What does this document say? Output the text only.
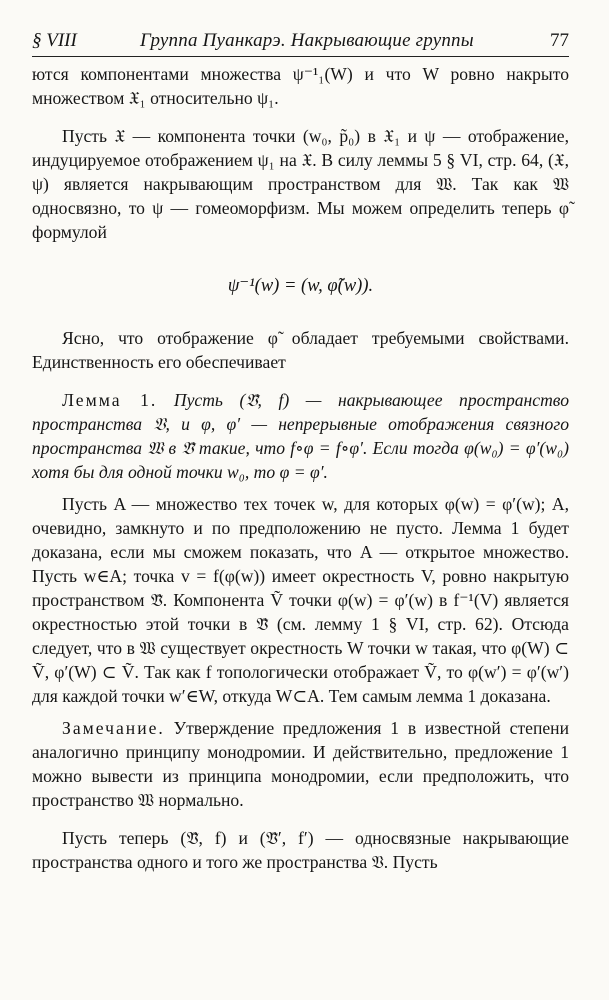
§ VIII	Группа Пуанкарэ. Накрывающие группы	77

ются компонентами множества ψ⁻¹₁(W) и что W ровно накрыто множеством 𝔛₁ относительно ψ₁.

Пусть 𝔛 — компонента точки (w₀, p̃₀) в 𝔛₁ и ψ — отображение, индуцируемое отображением ψ₁ на 𝔛. В силу леммы 5 § VI, стр. 64, (𝔛, ψ) является накрывающим пространством для 𝔚. Так как 𝔚 односвязно, то ψ — гомеоморфизм. Мы можем определить теперь φ̃ формулой

ψ⁻¹(w) = (w, φ̃(w)).

Ясно, что отображение φ̃ обладает требуемыми свойствами. Единственность его обеспечивает

Лемма 1. Пусть (𝔙̃, f) — накрывающее пространство пространства 𝔙, и φ, φ′ — непрерывные отображения связного пространства 𝔚 в 𝔙̃ такие, что f∘φ = f∘φ′. Если тогда φ(w₀) = φ′(w₀) хотя бы для одной точки w₀, то φ = φ′.

Пусть A — множество тех точек w, для которых φ(w) = φ′(w); A, очевидно, замкнуто и по предположению не пусто. Лемма 1 будет доказана, если мы сможем показать, что A — открытое множество. Пусть w∈A; точка v = f(φ(w)) имеет окрестность V, ровно накрытую пространством 𝔙̃. Компонента Ṽ точки φ(w) = φ′(w) в f⁻¹(V) является окрестностью этой точки в 𝔙̃ (см. лемму 1 § VI, стр. 62). Отсюда следует, что в 𝔚 существует окрестность W точки w такая, что φ(W) ⊂ Ṽ, φ′(W) ⊂ Ṽ. Так как f топологически отображает Ṽ, то φ(w′) = φ′(w′) для каждой точки w′∈W, откуда W⊂A. Тем самым лемма 1 доказана.

Замечание. Утверждение предложения 1 в известной степени аналогично принципу монодромии. И действительно, предложение 1 можно вывести из принципа монодромии, если предположить, что пространство 𝔚 нормально.

Пусть теперь (𝔙̃, f) и (𝔙̃′, f′) — односвязные накрывающие пространства одного и того же пространства 𝔙. Пусть
